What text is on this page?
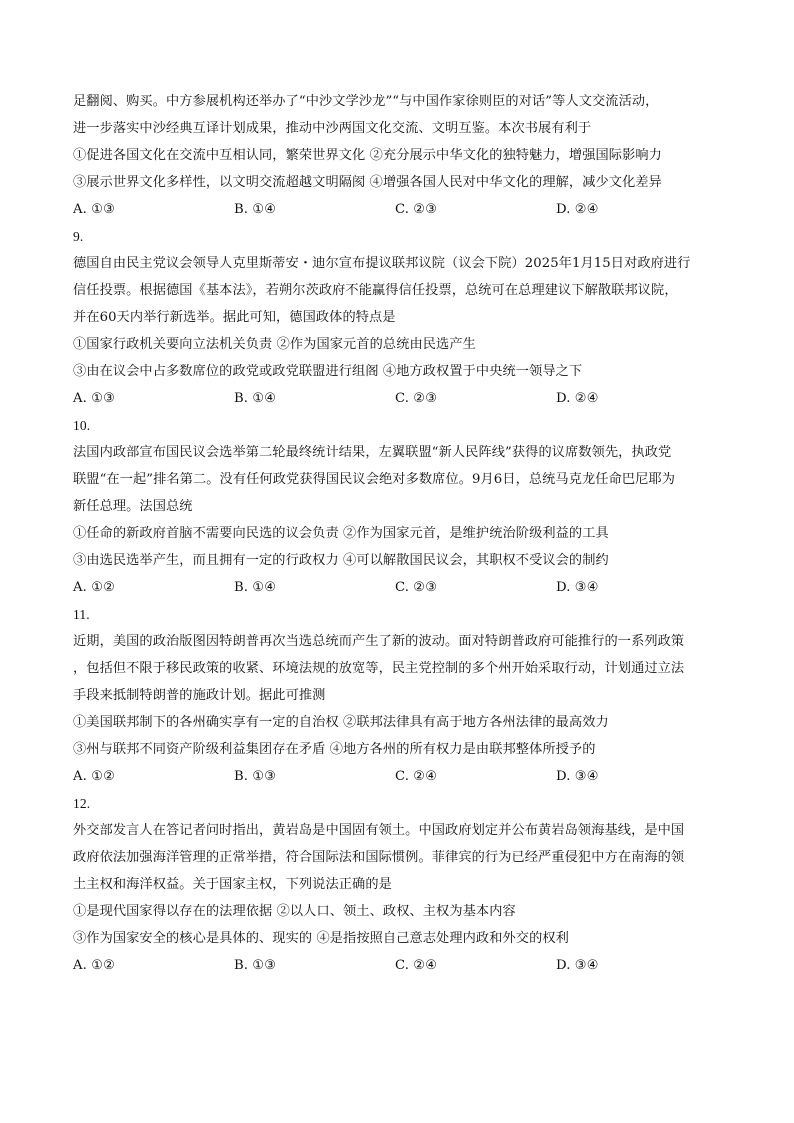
足翻阅、购买。中方参展机构还举办了“中沙文学沙龙”“与中国作家徐则臣的对话”等人文交流活动，
进一步落实中沙经典互译计划成果，推动中沙两国文化交流、文明互鉴。本次书展有利于
①促进各国文化在交流中互相认同，繁荣世界文化 ②充分展示中华文化的独特魅力，增强国际影响力
③展示世界文化多样性，以文明交流超越文明隔阂 ④增强各国人民对中华文化的理解，减少文化差异
A. ①③	B. ①④	C. ②③	D. ②④
9.
德国自由民主党议会领导人克里斯蒂安・迪尔宣布提议联邦议院（议会下院）2025年1月15日对政府进行
信任投票。根据德国《基本法》，若朔尔茨政府不能赢得信任投票，总统可在总理建议下解散联邦议院，
并在60天内举行新选举。据此可知，德国政体的特点是
①国家行政机关要向立法机关负责 ②作为国家元首的总统由民选产生
③由在议会中占多数席位的政党或政党联盟进行组阁 ④地方政权置于中央统一领导之下
A. ①③	B. ①④	C. ②③	D. ②④
10.
法国内政部宣布国民议会选举第二轮最终统计结果，左翼联盟“新人民阵线”获得的议席数领先，执政党
联盟“在一起”排名第二。没有任何政党获得国民议会绝对多数席位。9月6日，总统马克龙任命巴尼耶为
新任总理。法国总统
①任命的新政府首脑不需要向民选的议会负责 ②作为国家元首，是维护统治阶级利益的工具
③由选民选举产生，而且拥有一定的行政权力 ④可以解散国民议会，其职权不受议会的制约
A. ①②	B. ①④	C. ②③	D. ③④
11.
近期，美国的政治版图因特朗普再次当选总统而产生了新的波动。面对特朗普政府可能推行的一系列政策
，包括但不限于移民政策的收紧、环境法规的放宽等，民主党控制的多个州开始采取行动，计划通过立法
手段来抵制特朗普的施政计划。据此可推测
①美国联邦制下的各州确实享有一定的自治权 ②联邦法律具有高于地方各州法律的最高效力
③州与联邦不同资产阶级利益集团存在矛盾 ④地方各州的所有权力是由联邦整体所授予的
A. ①②	B. ①③	C. ②④	D. ③④
12.
外交部发言人在答记者问时指出，黄岩岛是中国固有领土。中国政府划定并公布黄岩岛领海基线，是中国
政府依法加强海洋管理的正常举措，符合国际法和国际惯例。菲律宾的行为已经严重侵犯中方在南海的领
土主权和海洋权益。关于国家主权，下列说法正确的是
①是现代国家得以存在的法理依据 ②以人口、领土、政权、主权为基本内容
③作为国家安全的核心是具体的、现实的 ④是指按照自己意志处理内政和外交的权利
A. ①②	B. ①③	C. ②④	D. ③④
